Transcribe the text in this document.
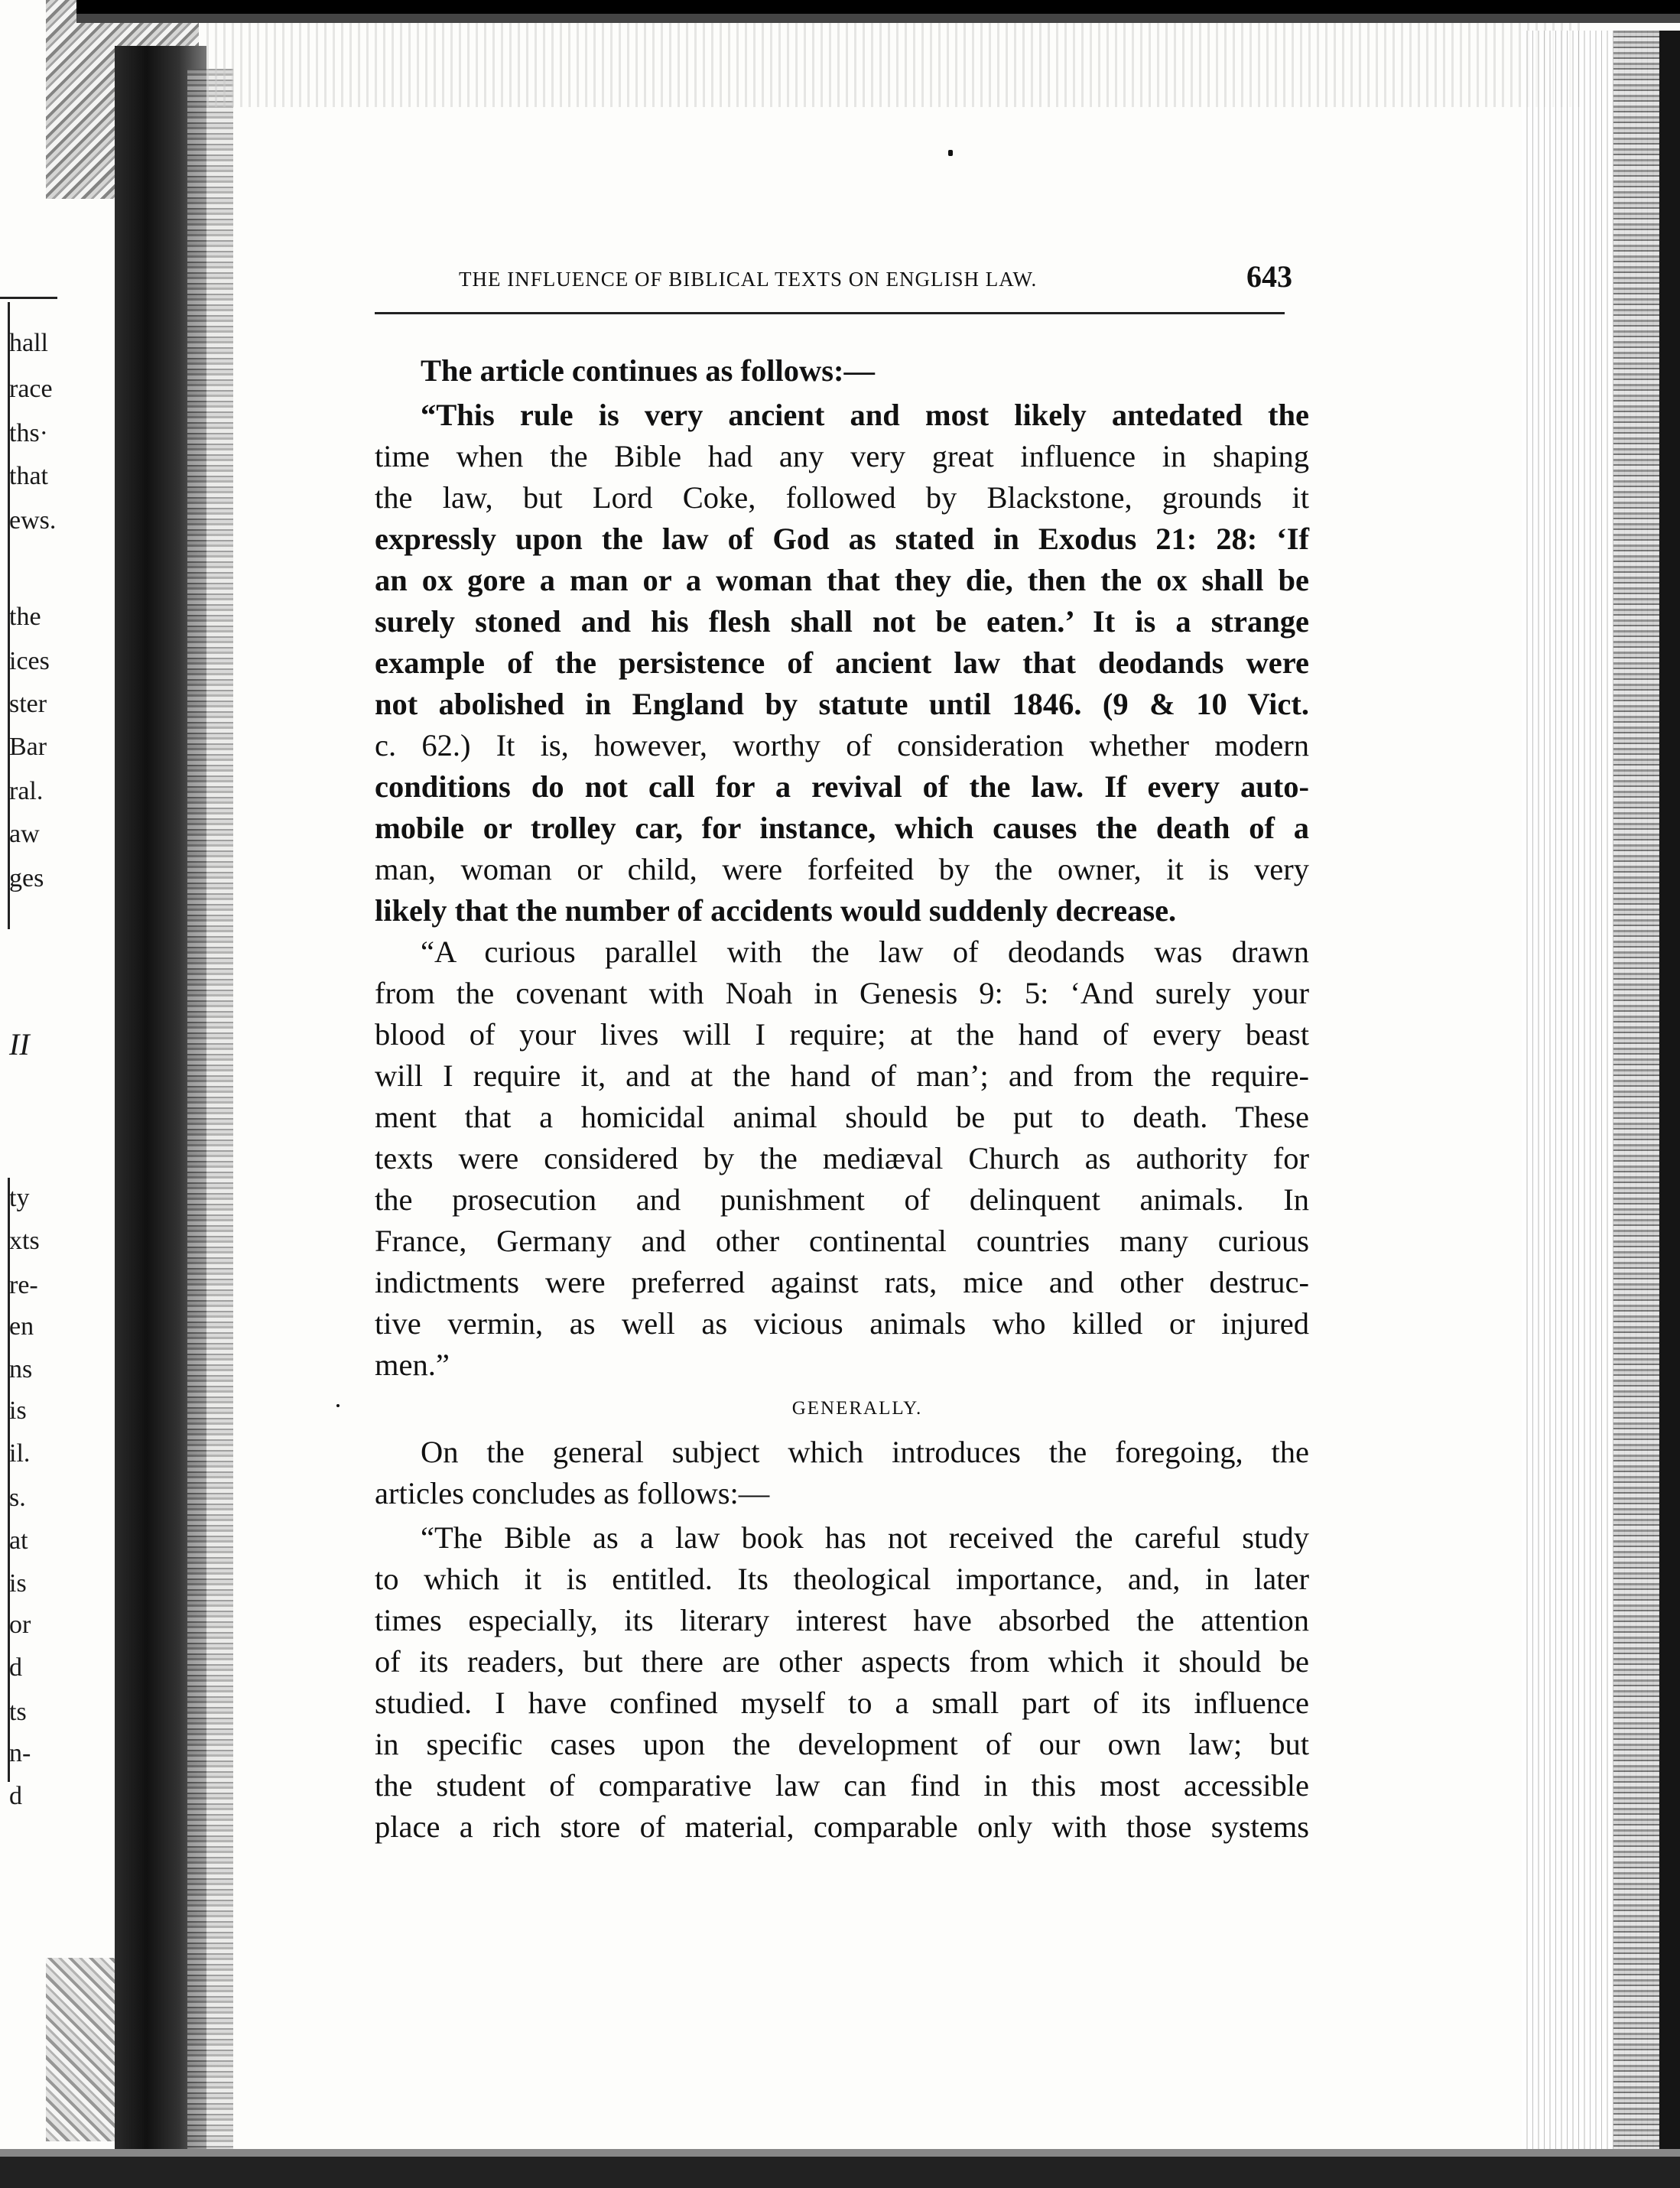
hall
race
ths·
that
ews.
the
ices
ster
Bar
ral.
aw
ges
II
ty
xts
re-
en
ns
is
il.
s.
at
is
or
d
ts
n-
d
THE INFLUENCE OF BIBLICAL TEXTS ON ENGLISH LAW.	643

The article continues as follows:—

“This rule is very ancient and most likely antedated the
time when the Bible had any very great influence in shaping
the law, but Lord Coke, followed by Blackstone, grounds it
expressly upon the law of God as stated in Exodus 21: 28: ‘If
an ox gore a man or a woman that they die, then the ox shall be
surely stoned and his flesh shall not be eaten.’ It is a strange
example of the persistence of ancient law that deodands were
not abolished in England by statute until 1846. (9 & 10 Vict.
c. 62.) It is, however, worthy of consideration whether modern
conditions do not call for a revival of the law. If every auto-
mobile or trolley car, for instance, which causes the death of a
man, woman or child, were forfeited by the owner, it is very
likely that the number of accidents would suddenly decrease.
“A curious parallel with the law of deodands was drawn
from the covenant with Noah in Genesis 9: 5: ‘And surely your
blood of your lives will I require; at the hand of every beast
will I require it, and at the hand of man’; and from the require-
ment that a homicidal animal should be put to death. These
texts were considered by the mediæval Church as authority for
the prosecution and punishment of delinquent animals. In
France, Germany and other continental countries many curious
indictments were preferred against rats, mice and other destruc-
tive vermin, as well as vicious animals who killed or injured
men.”
GENERALLY.
On the general subject which introduces the foregoing, the
articles concludes as follows:—
“The Bible as a law book has not received the careful study
to which it is entitled. Its theological importance, and, in later
times especially, its literary interest have absorbed the attention
of its readers, but there are other aspects from which it should be
studied. I have confined myself to a small part of its influence
in specific cases upon the development of our own law; but
the student of comparative law can find in this most accessible
place a rich store of material, comparable only with those systems
